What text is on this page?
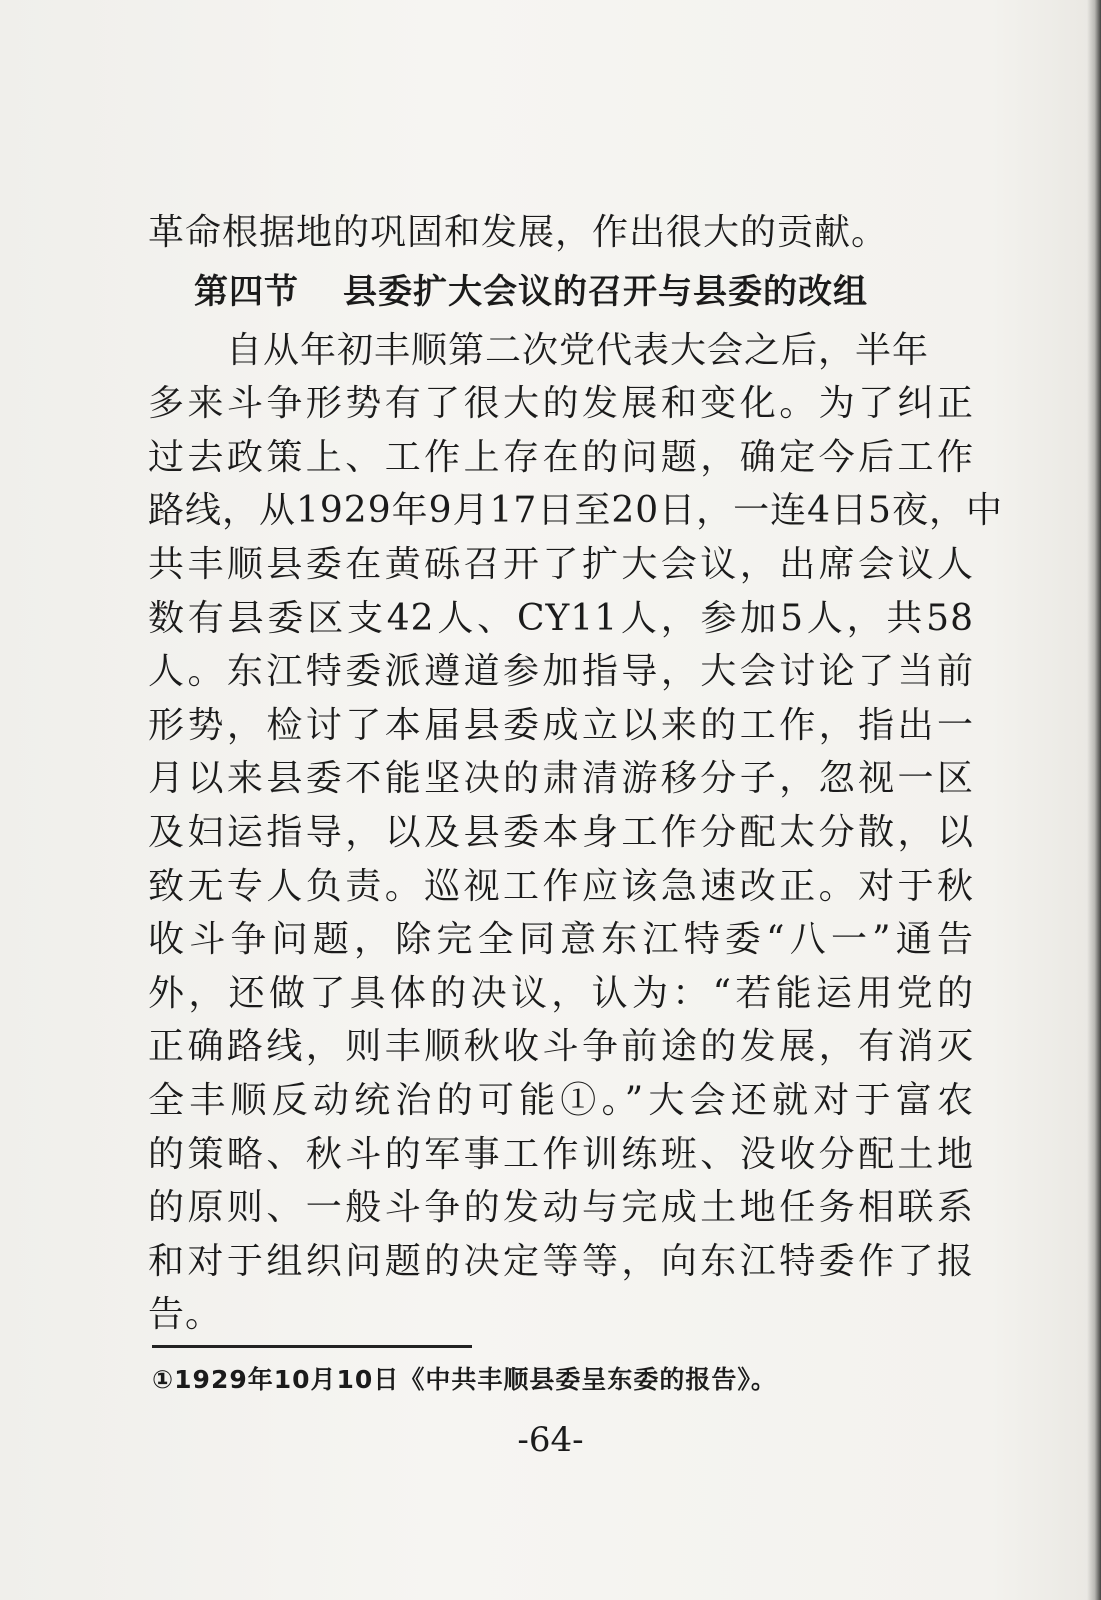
革命根据地的巩固和发展，作出很大的贡献。
第四节 县委扩大会议的召开与县委的改组
自从年初丰顺第二次党代表大会之后，半年
多来斗争形势有了很大的发展和变化。为了纠正
过去政策上、工作上存在的问题，确定今后工作
路线，从1929年9月17日至20日，一连4日5夜，中
共丰顺县委在黄砾召开了扩大会议，出席会议人
数有县委区支42人、CY11人，参加5人，共58
人。东江特委派遵道参加指导，大会讨论了当前
形势，检讨了本届县委成立以来的工作，指出一
月以来县委不能坚决的肃清游移分子，忽视一区
及妇运指导，以及县委本身工作分配太分散，以
致无专人负责。巡视工作应该急速改正。对于秋
收斗争问题，除完全同意东江特委“八一”通告
外，还做了具体的决议，认为：“若能运用党的
正确路线，则丰顺秋收斗争前途的发展，有消灭
全丰顺反动统治的可能①。”大会还就对于富农
的策略、秋斗的军事工作训练班、没收分配土地
的原则、一般斗争的发动与完成土地任务相联系
和对于组织问题的决定等等，向东江特委作了报
告。
①1929年10月10日《中共丰顺县委呈东委的报告》。
-64-
